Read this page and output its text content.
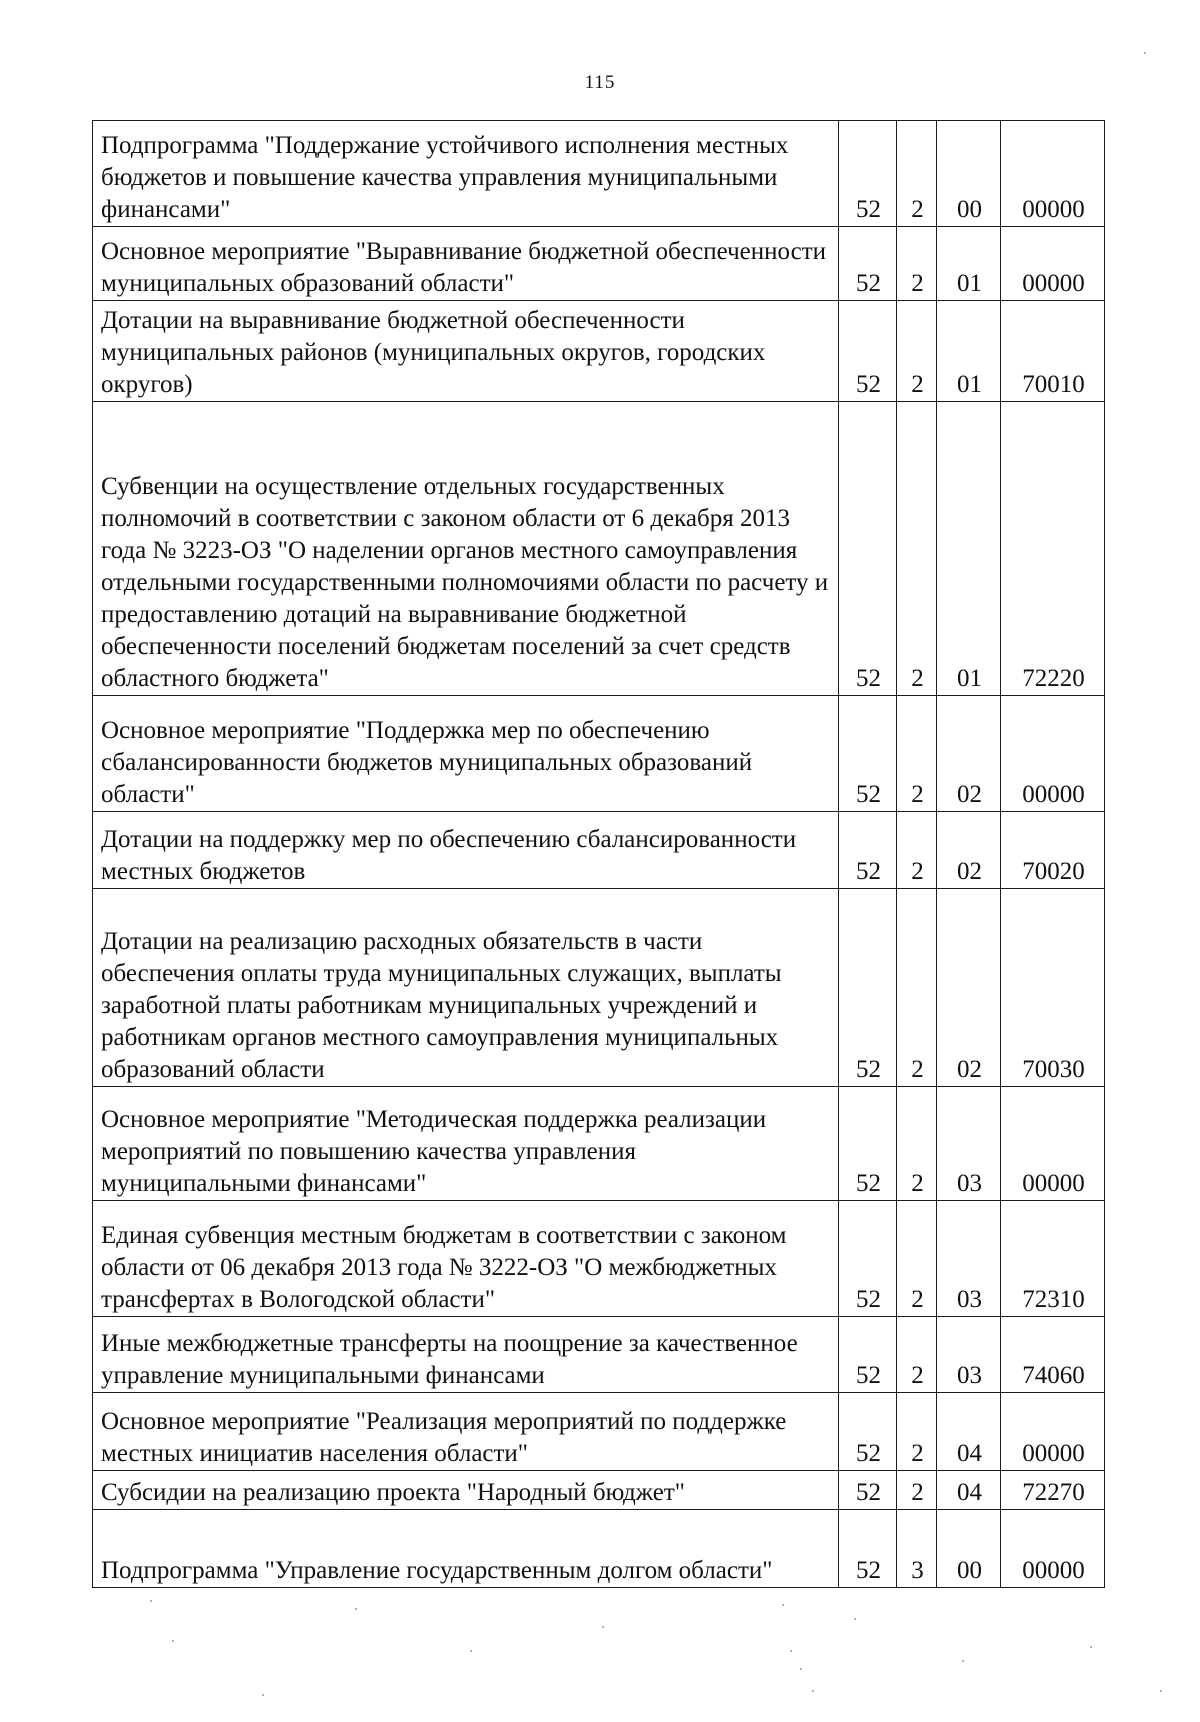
115
Подпрограмма "Поддержание устойчивого исполнения местных бюджетов и повышение качества управления муниципальными финансами"	52	2	00	00000
Основное мероприятие "Выравнивание бюджетной обеспеченности муниципальных образований области"	52	2	01	00000
Дотации на выравнивание бюджетной обеспеченности муниципальных районов (муниципальных округов, городских округов)	52	2	01	70010
Субвенции на осуществление отдельных государственных полномочий в соответствии с законом области от 6 декабря 2013 года № 3223-ОЗ "О наделении органов местного самоуправления отдельными государственными полномочиями области по расчету и предоставлению дотаций на выравнивание бюджетной обеспеченности поселений бюджетам поселений за счет средств областного бюджета"	52	2	01	72220
Основное мероприятие "Поддержка мер по обеспечению сбалансированности бюджетов муниципальных образований области"	52	2	02	00000
Дотации на поддержку мер по обеспечению сбалансированности местных бюджетов	52	2	02	70020
Дотации на реализацию расходных обязательств в части обеспечения оплаты труда муниципальных служащих, выплаты заработной платы работникам муниципальных учреждений и работникам органов местного самоуправления муниципальных образований области	52	2	02	70030
Основное мероприятие "Методическая поддержка реализации мероприятий по повышению качества управления муниципальными финансами"	52	2	03	00000
Единая субвенция местным бюджетам в соответствии с законом области от 06 декабря 2013 года № 3222-ОЗ "О межбюджетных трансфертах в Вологодской области"	52	2	03	72310
Иные межбюджетные трансферты на поощрение за качественное управление муниципальными финансами	52	2	03	74060
Основное мероприятие "Реализация мероприятий по поддержке местных инициатив населения области"	52	2	04	00000
Субсидии на реализацию проекта "Народный бюджет"	52	2	04	72270
Подпрограмма "Управление государственным долгом области"	52	3	00	00000
